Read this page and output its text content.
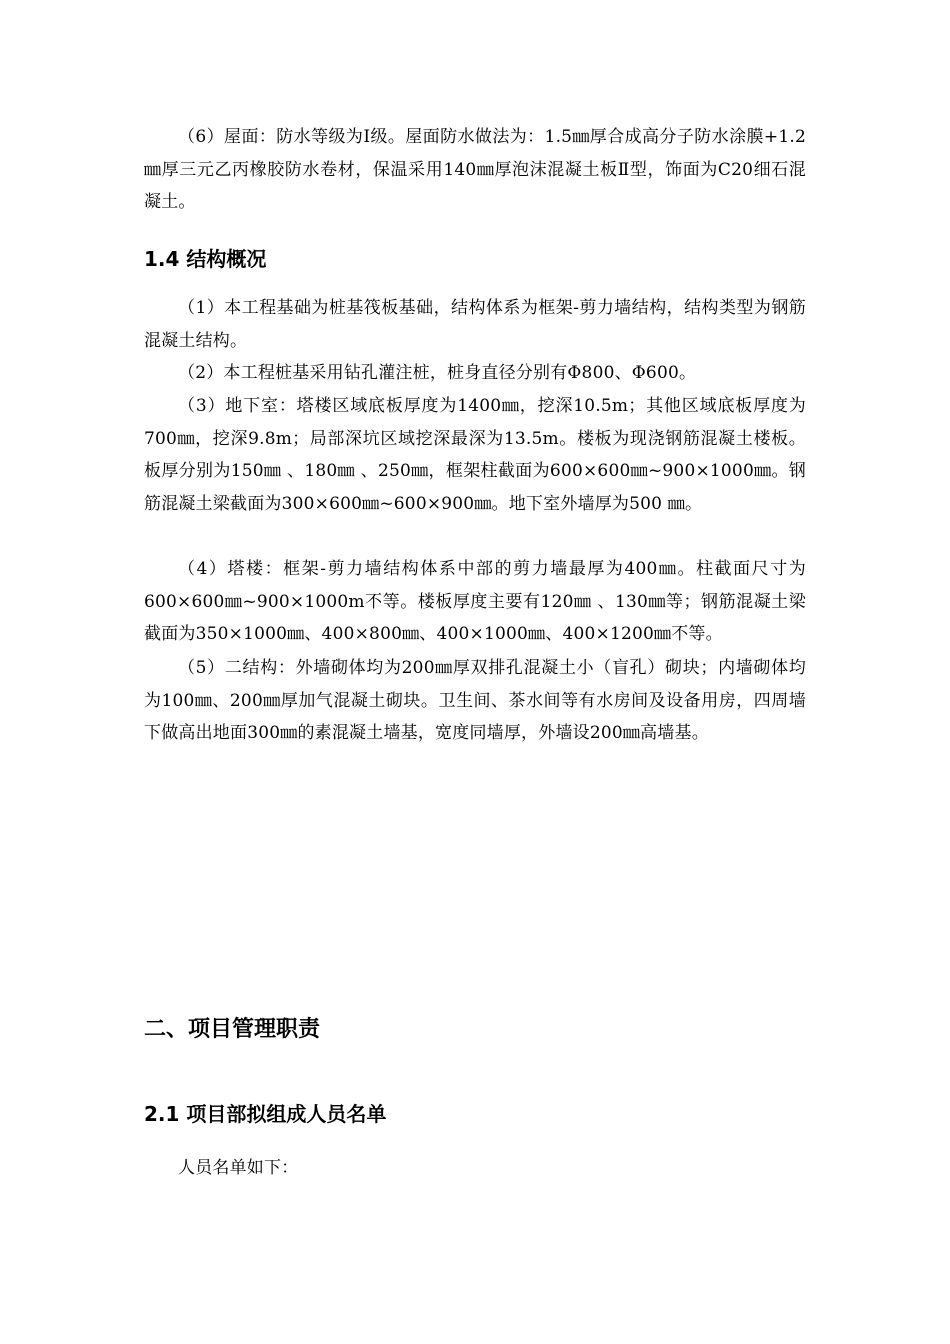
（6）屋面：防水等级为Ⅰ级。屋面防水做法为：1.5㎜厚合成高分子防水涂膜+1.2㎜厚三元乙丙橡胶防水卷材，保温采用140㎜厚泡沫混凝土板Ⅱ型，饰面为C20细石混凝土。

1.4 结构概况

（1）本工程基础为桩基筏板基础，结构体系为框架-剪力墙结构，结构类型为钢筋混凝土结构。

（2）本工程桩基采用钻孔灌注桩，桩身直径分别有Φ800、Φ600。

（3）地下室：塔楼区域底板厚度为1400㎜，挖深10.5m；其他区域底板厚度为700㎜，挖深9.8m；局部深坑区域挖深最深为13.5m。楼板为现浇钢筋混凝土楼板。板厚分别为150㎜ 、180㎜ 、250㎜，框架柱截面为600×600㎜~900×1000㎜。钢筋混凝土梁截面为300×600㎜~600×900㎜。地下室外墙厚为500 ㎜。

（4）塔楼：框架-剪力墙结构体系中部的剪力墙最厚为400㎜。柱截面尺寸为600×600㎜~900×1000m不等。楼板厚度主要有120㎜ 、130㎜等；钢筋混凝土梁截面为350×1000㎜、400×800㎜、400×1000㎜、400×1200㎜不等。

（5）二结构：外墙砌体均为200㎜厚双排孔混凝土小（盲孔）砌块；内墙砌体均为100㎜、200㎜厚加气混凝土砌块。卫生间、茶水间等有水房间及设备用房，四周墙下做高出地面300㎜的素混凝土墙基，宽度同墙厚，外墙设200㎜高墙基。

二、项目管理职责
2.1 项目部拟组成人员名单

人员名单如下：
